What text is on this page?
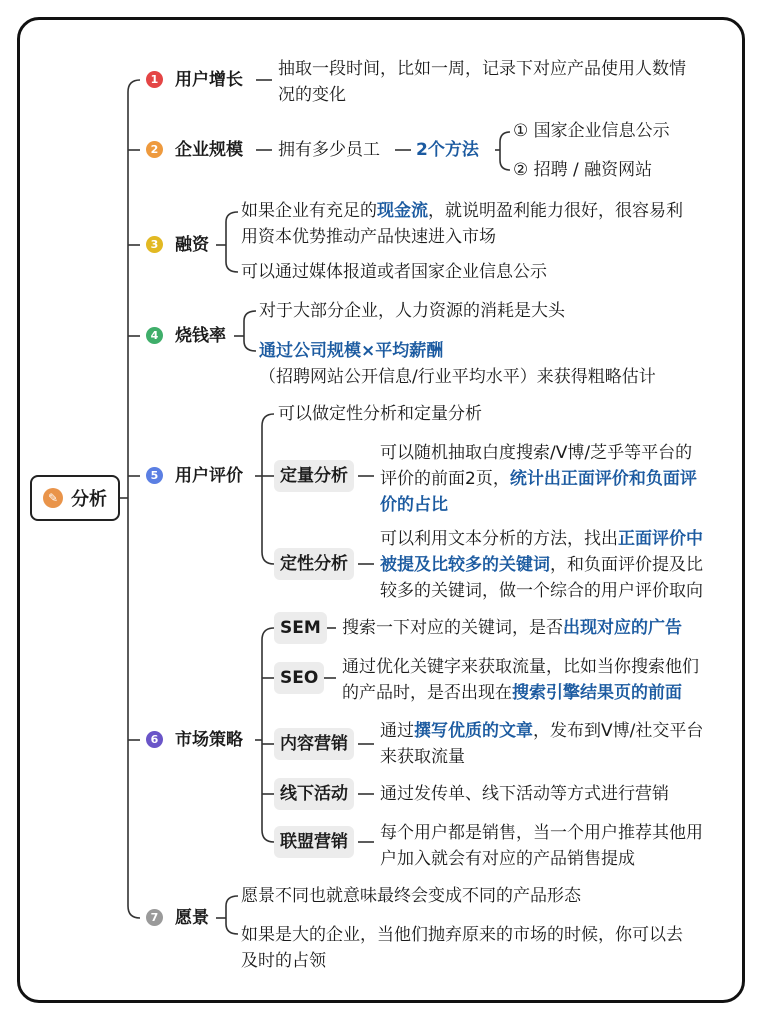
✎ 分析
1 用户增长
抽取一段时间，比如一周，记录下对应产品使用人数情
况的变化
2 企业规模 拥有多少员工 2个方法
① 国家企业信息公示
② 招聘 / 融资网站
3 融资
如果企业有充足的现金流，就说明盈利能力很好，很容易利
用资本优势推动产品快速进入市场
可以通过媒体报道或者国家企业信息公示
4 烧钱率
对于大部分企业，人力资源的消耗是大头
通过公司规模×平均薪酬
（招聘网站公开信息/行业平均水平）来获得粗略估计
5 用户评价
可以做定性分析和定量分析
定量分析
可以随机抽取白度搜索/V博/芝乎等平台的
评价的前面2页，统计出正面评价和负面评
价的占比
定性分析
可以利用文本分析的方法，找出正面评价中
被提及比较多的关键词，和负面评价提及比
较多的关键词，做一个综合的用户评价取向
6 市场策略
SEM	搜索一下对应的关键词，是否出现对应的广告
SEO
通过优化关键字来获取流量，比如当你搜索他们
的产品时，是否出现在搜索引擎结果页的前面
内容营销
通过撰写优质的文章，发布到V博/社交平台
来获取流量
线下活动	通过发传单、线下活动等方式进行营销
联盟营销	每个用户都是销售，当一个用户推荐其他用
户加入就会有对应的产品销售提成
7 愿景
愿景不同也就意味最终会变成不同的产品形态
如果是大的企业，当他们抛弃原来的市场的时候，你可以去
及时的占领
